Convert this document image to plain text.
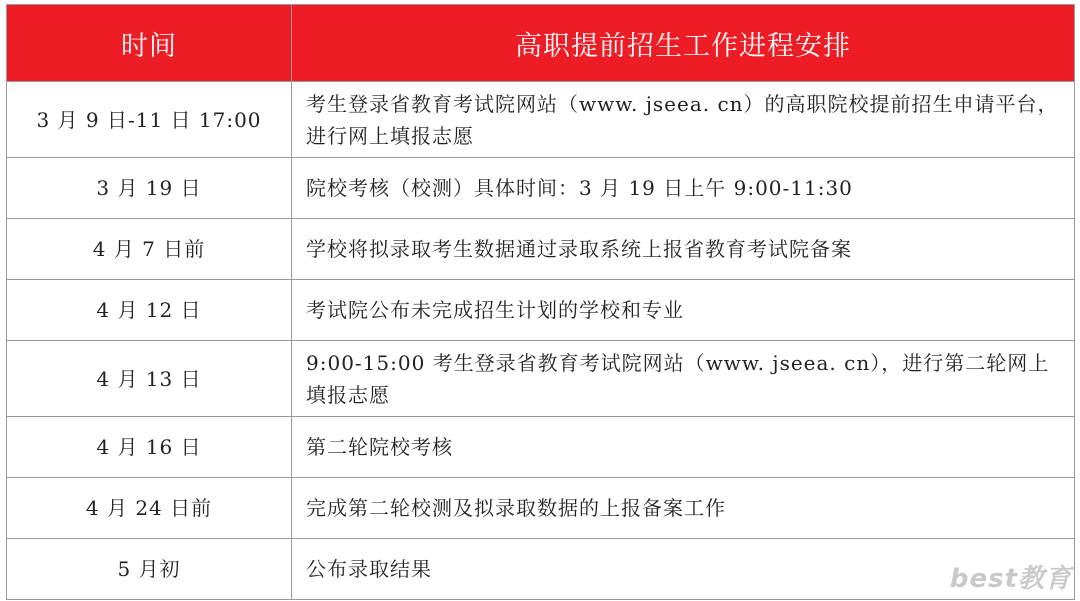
时间	高职提前招生工作进程安排
3 月 9 日-11 日 17:00	考生登录省教育考试院网站（www. jseea. cn）的高职院校提前招生申请平台，进行网上填报志愿
3 月 19 日	院校考核（校测）具体时间：3 月 19 日上午 9:00-11:30
4 月 7 日前	学校将拟录取考生数据通过录取系统上报省教育考试院备案
4 月 12 日	考试院公布未完成招生计划的学校和专业
4 月 13 日	9:00-15:00 考生登录省教育考试院网站（www. jseea. cn），进行第二轮网上填报志愿
4 月 16 日	第二轮院校考核
4 月 24 日前	完成第二轮校测及拟录取数据的上报备案工作
5 月初	公布录取结果	best教育
